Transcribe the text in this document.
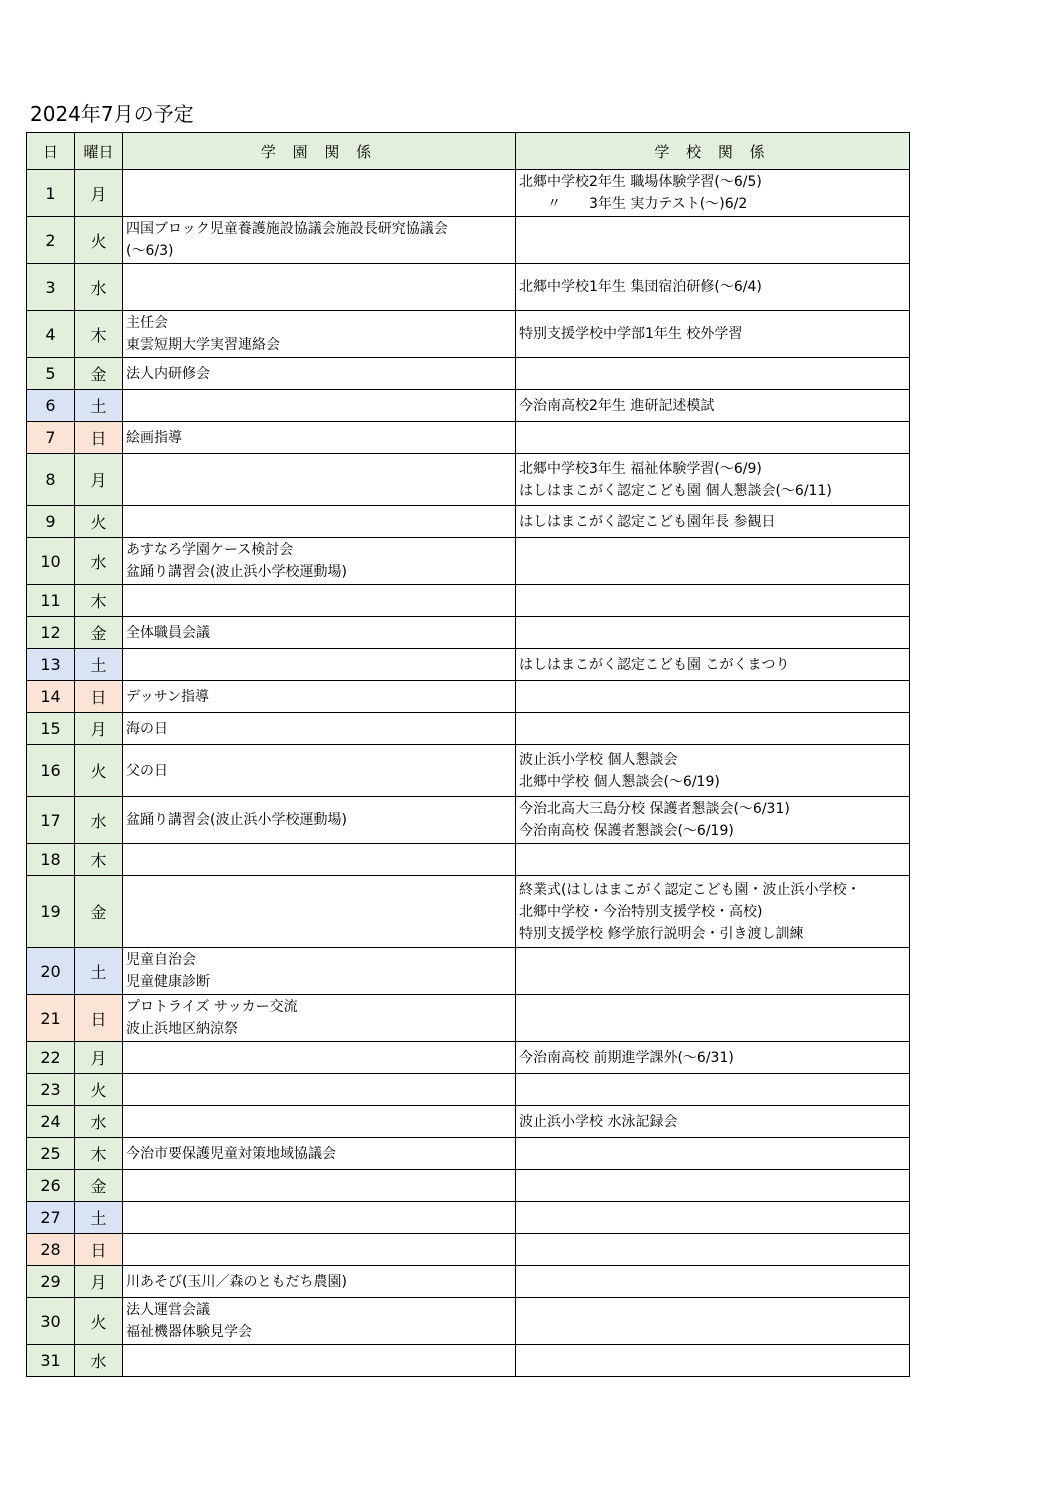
2024年7月の予定
日	曜日	学 園 関 係	学 校 関 係
1	月		北郷中学校2年生 職場体験学習(～6/5)
　　〃　　3年生 実力テスト(～)6/2

2	火	四国ブロック児童養護施設協議会施設長研究協議会
(～6/3)	

3	水		北郷中学校1年生 集団宿泊研修(～6/4)

4	木	主任会
東雲短期大学実習連絡会	特別支援学校中学部1年生 校外学習

5	金	法人内研修会	

6	土		今治南高校2年生 進研記述模試

7	日	絵画指導	

8	月		北郷中学校3年生 福祉体験学習(～6/9)
はしはまこがく認定こども園 個人懇談会(～6/11)

9	火		はしはまこがく認定こども園年長 参観日

10	水	あすなろ学園ケース検討会
盆踊り講習会(波止浜小学校運動場)	

11	木		
12	金	全体職員会議	

13	土		はしはまこがく認定こども園 こがくまつり

14	日	デッサン指導	

15	月	海の日	

16	火	父の日	波止浜小学校 個人懇談会
北郷中学校 個人懇談会(～6/19)

17	水	盆踊り講習会(波止浜小学校運動場)	今治北高大三島分校 保護者懇談会(～6/31)
今治南高校 保護者懇談会(～6/19)

18	木		
19	金		終業式(はしはまこがく認定こども園・波止浜小学校・
北郷中学校・今治特別支援学校・高校)
特別支援学校 修学旅行説明会・引き渡し訓練

20	土	児童自治会
児童健康診断	

21	日	プロトライズ サッカー交流
波止浜地区納涼祭	

22	月		今治南高校 前期進学課外(～6/31)

23	火		
24	水		波止浜小学校 水泳記録会

25	木	今治市要保護児童対策地域協議会	

26	金		
27	土		
28	日		
29	月	川あそび(玉川／森のともだち農園)	

30	火	法人運営会議
福祉機器体験見学会	

31	水		
